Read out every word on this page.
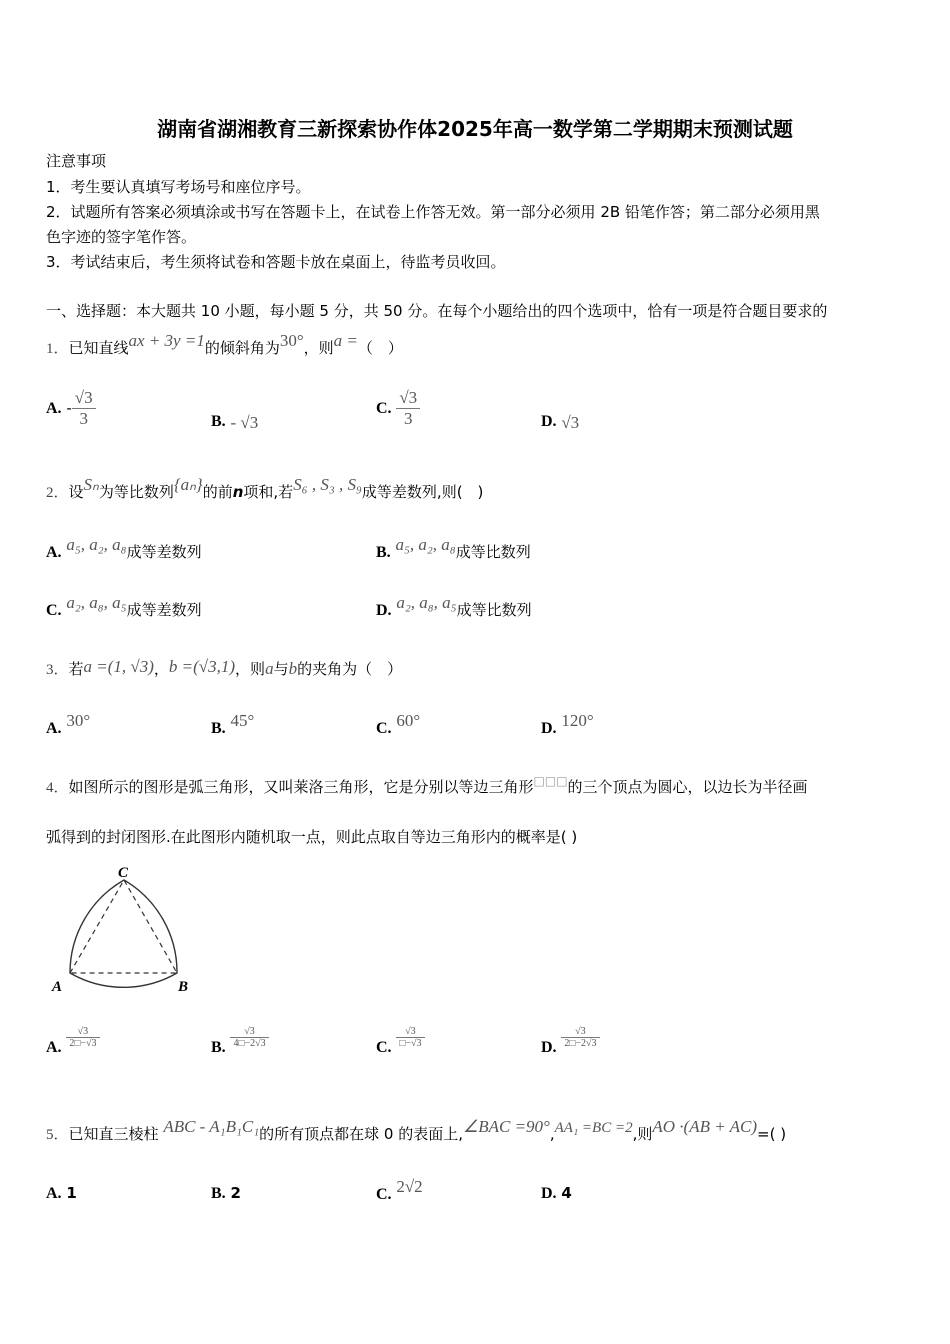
湖南省湖湘教育三新探索协作体2025年高一数学第二学期期末预测试题
注意事项
1．考生要认真填写考场号和座位序号。
2．试题所有答案必须填涂或书写在答题卡上，在试卷上作答无效。第一部分必须用 2B 铅笔作答；第二部分必须用黑
色字迹的签字笔作答。
3．考试结束后，考生须将试卷和答题卡放在桌面上，待监考员收回。
一、选择题：本大题共 10 小题，每小题 5 分，共 50 分。在每个小题给出的四个选项中，恰有一项是符合题目要求的
1．已知直线ax + 3y =1的倾斜角为30°，则a =（　）
A. - $\frac{√3}{3}$	B. - √3
C. $\frac{√3}{3}$	D. √3
2．设Sₙ为等比数列{aₙ}的前n项和,若S₆ , S₃ , S₉成等差数列,则(　)
A. a₅, a₂, a₈成等差数列	B. a₅, a₂, a₈成等比数列
C. a₂, a₈, a₅成等差数列	D. a₂, a₈, a₅成等比数列
3．若a =(1, √3)，b =(√3,1)，则a与b的夹角为（　）
A. 30°	B. 45°	C. 60°	D. 120°
4．如图所示的图形是弧三角形，又叫莱洛三角形，它是分别以等边三角形□□□的三个顶点为圆心，以边长为半径画
弧得到的封闭图形.在此图形内随机取一点，则此点取自等边三角形内的概率是( )
C
A	B
A. $\frac{√3}{2□-√3}$	B. $\frac{√3}{4□-2√3}$	C. $\frac{√3}{□-√3}$	D. $\frac{√3}{2□-2√3}$
5．已知直三棱柱 ABC - A₁B₁C₁的所有顶点都在球 0 的表面上,∠BAC =90°,AA₁ =BC =2,则AO ·(AB + AC)=( )
A. 1	B. 2	C. 2√2	D. 4
